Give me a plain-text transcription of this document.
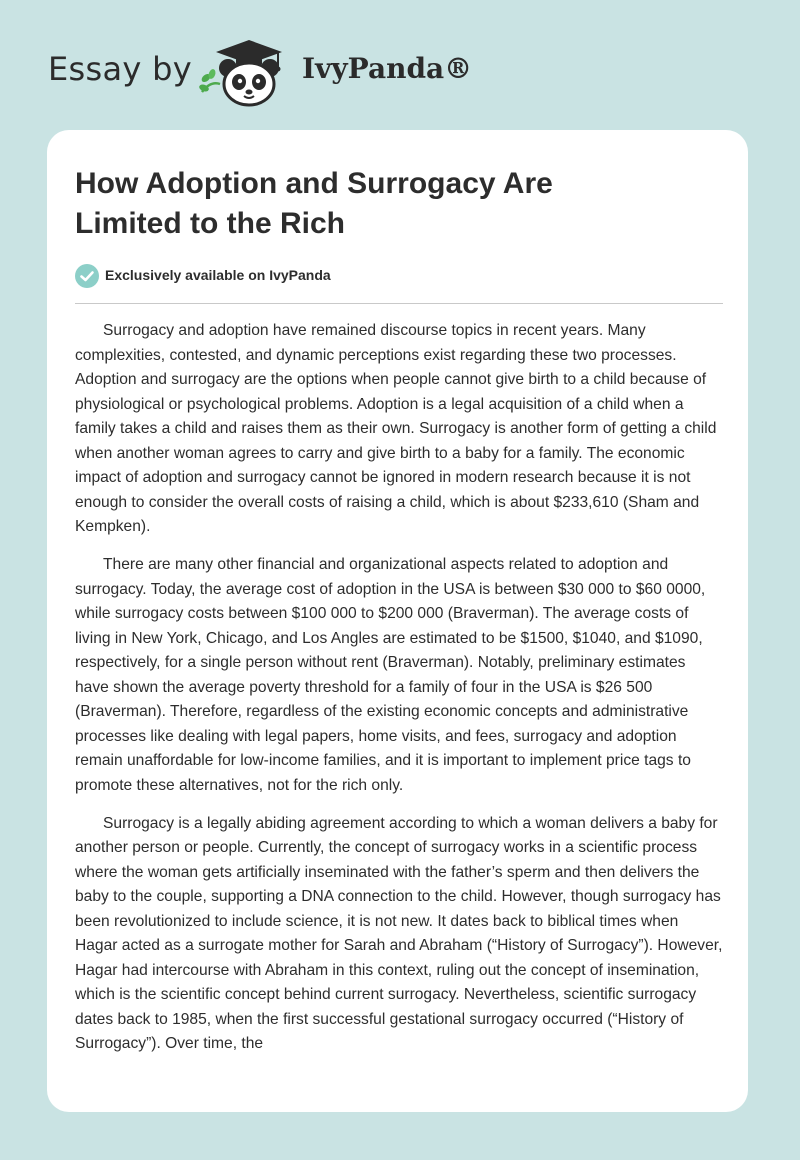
Essay by	IvyPanda®
How Adoption and Surrogacy Are Limited to the Rich
Exclusively available on IvyPanda

Surrogacy and adoption have remained discourse topics in recent years. Many complexities, contested, and dynamic perceptions exist regarding these two processes. Adoption and surrogacy are the options when people cannot give birth to a child because of physiological or psychological problems. Adoption is a legal acquisition of a child when a family takes a child and raises them as their own. Surrogacy is another form of getting a child when another woman agrees to carry and give birth to a baby for a family. The economic impact of adoption and surrogacy cannot be ignored in modern research because it is not enough to consider the overall costs of raising a child, which is about $233,610 (Sham and Kempken).

There are many other financial and organizational aspects related to adoption and surrogacy. Today, the average cost of adoption in the USA is between $30 000 to $60 0000, while surrogacy costs between $100 000 to $200 000 (Braverman). The average costs of living in New York, Chicago, and Los Angles are estimated to be $1500, $1040, and $1090, respectively, for a single person without rent (Braverman). Notably, preliminary estimates have shown the average poverty threshold for a family of four in the USA is $26 500 (Braverman). Therefore, regardless of the existing economic concepts and administrative processes like dealing with legal papers, home visits, and fees, surrogacy and adoption remain unaffordable for low-income families, and it is important to implement price tags to promote these alternatives, not for the rich only.

Surrogacy is a legally abiding agreement according to which a woman delivers a baby for another person or people. Currently, the concept of surrogacy works in a scientific process where the woman gets artificially inseminated with the father’s sperm and then delivers the baby to the couple, supporting a DNA connection to the child. However, though surrogacy has been revolutionized to include science, it is not new. It dates back to biblical times when Hagar acted as a surrogate mother for Sarah and Abraham (“History of Surrogacy”). However, Hagar had intercourse with Abraham in this context, ruling out the concept of insemination, which is the scientific concept behind current surrogacy. Nevertheless, scientific surrogacy dates back to 1985, when the first successful gestational surrogacy occurred (“History of Surrogacy”). Over time, the
